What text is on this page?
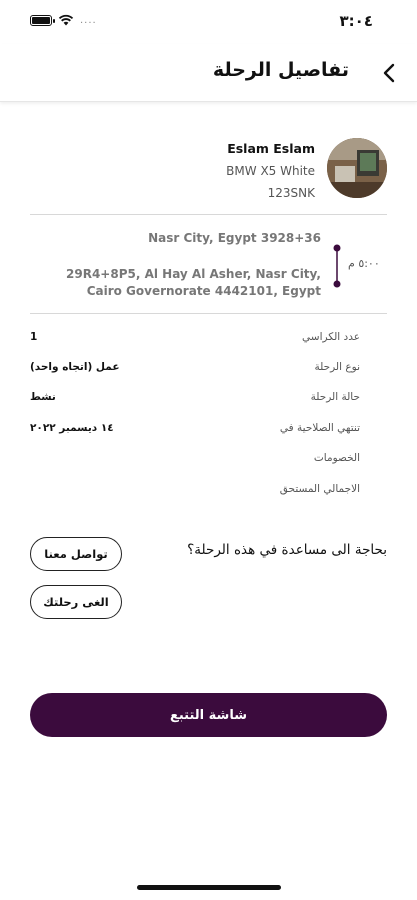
....	٣:٠٤
تفاصيل الرحلة
Eslam Eslam
BMW X5 White
123SNK
Nasr City, Egypt 3928+36
29R4+8P5, Al Hay Al Asher, Nasr City,
Cairo Governorate 4442101, Egypt
٥:٠٠ م
عدد الكراسي
1
نوع الرحلة
عمل (اتجاه واحد)
حالة الرحلة
نشط
تنتهي الصلاحية في
١٤ ديسمبر ٢٠٢٢
الخصومات
الاجمالي المستحق
بحاجة الى مساعدة في هذه الرحلة؟
تواصل معنا
الغى رحلتك
شاشة التتبع
